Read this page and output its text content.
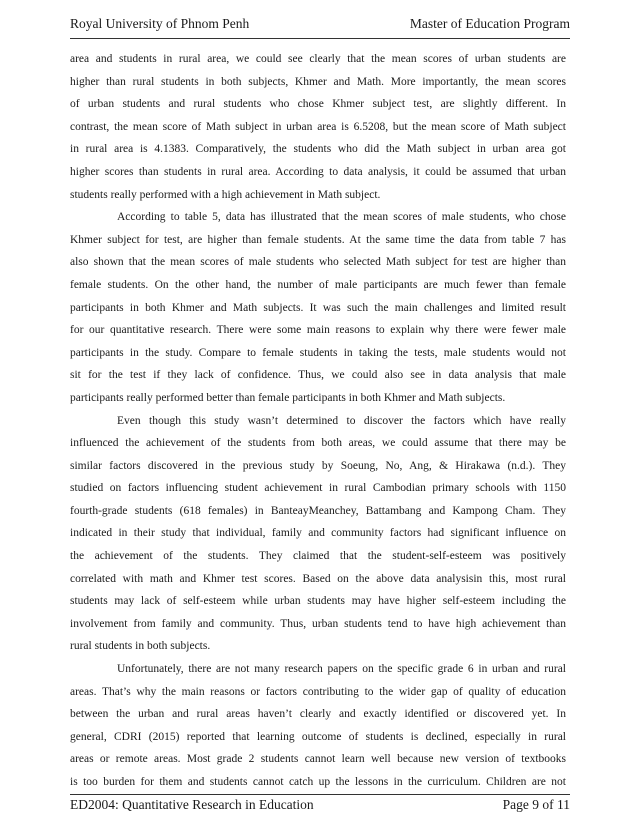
Royal University of Phnom Penh	Master of Education Program

area and students in rural area, we could see clearly that the mean scores of urban students are

higher than rural students in both subjects, Khmer and Math. More importantly, the mean scores

of urban students and rural students who chose Khmer subject test, are slightly different. In

contrast, the mean score of Math subject in urban area is 6.5208, but the mean score of Math subject

in rural area is 4.1383. Comparatively, the students who did the Math subject in urban area got

higher scores than students in rural area. According to data analysis, it could be assumed that urban

students really performed with a high achievement in Math subject.

According to table 5, data has illustrated that the mean scores of male students, who chose

Khmer subject for test, are higher than female students. At the same time the data from table 7 has

also shown that the mean scores of male students who selected Math subject for test are higher than

female students. On the other hand, the number of male participants are much fewer than female

participants in both Khmer and Math subjects. It was such the main challenges and limited result

for our quantitative research. There were some main reasons to explain why there were fewer male

participants in the study. Compare to female students in taking the tests, male students would not

sit for the test if they lack of confidence. Thus, we could also see in data analysis that male

participants really performed better than female participants in both Khmer and Math subjects.

Even though this study wasn’t determined to discover the factors which have really

influenced the achievement of the students from both areas, we could assume that there may be

similar factors discovered in the previous study by Soeung, No, Ang, & Hirakawa (n.d.). They

studied on factors influencing student achievement in rural Cambodian primary schools with 1150

fourth-grade students (618 females) in BanteayMeanchey, Battambang and Kampong Cham. They

indicated in their study that individual, family and community factors had significant influence on

the achievement of the students. They claimed that the student-self-esteem was positively

correlated with math and Khmer test scores. Based on the above data analysisin this, most rural

students may lack of self-esteem while urban students may have higher self-esteem including the

involvement from family and community. Thus, urban students tend to have high achievement than

rural students in both subjects.

Unfortunately, there are not many research papers on the specific grade 6 in urban and rural

areas. That’s why the main reasons or factors contributing to the wider gap of quality of education

between the urban and rural areas haven’t clearly and exactly identified or discovered yet. In

general, CDRI (2015) reported that learning outcome of students is declined, especially in rural

areas or remote areas. Most grade 2 students cannot learn well because new version of textbooks

is too burden for them and students cannot catch up the lessons in the curriculum. Children are not

ED2004: Quantitative Research in Education	Page 9 of 11
